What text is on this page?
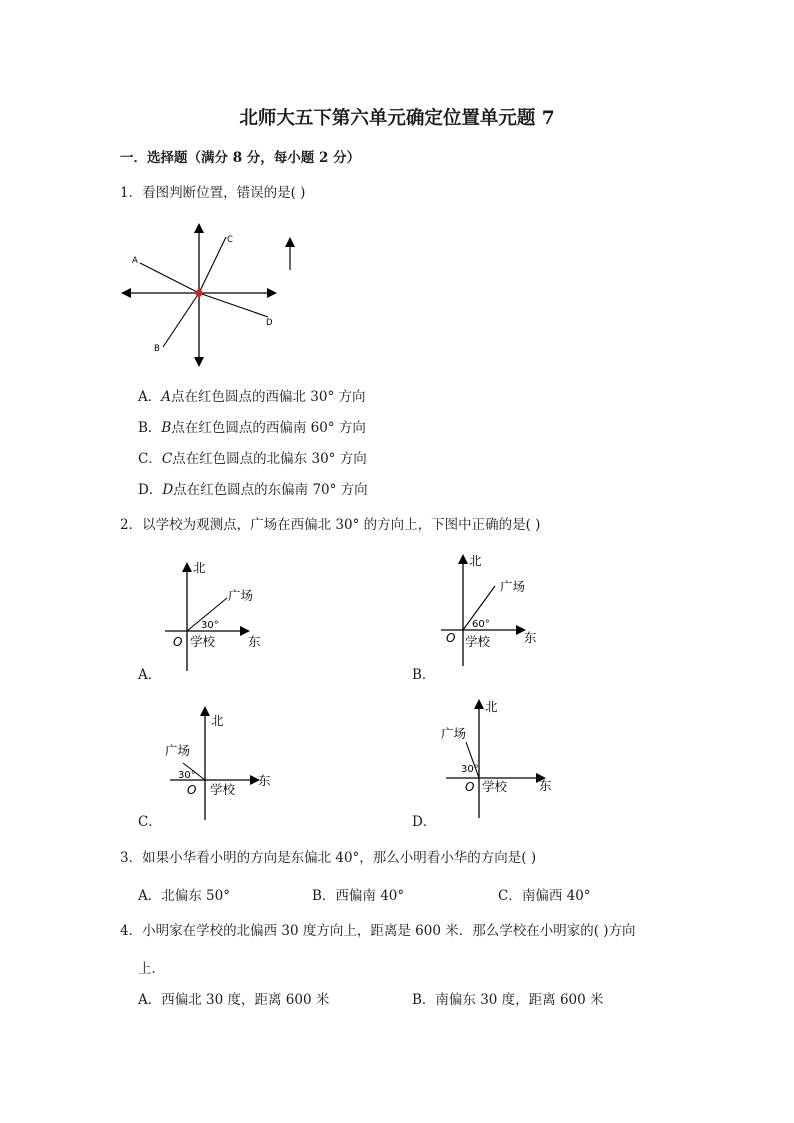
北师大五下第六单元确定位置单元题 7
一．选择题（满分 8 分，每小题 2 分）
1．看图判断位置，错误的是( )
A
C
B
D
A．A点在红色圆点的西偏北 30° 方向
B．B点在红色圆点的西偏南 60° 方向
C．C点在红色圆点的北偏东 30° 方向
D．D点在红色圆点的东偏南 70° 方向
2．以学校为观测点，广场在西偏北 30° 的方向上，下图中正确的是( )
北
东
广场
30°
O 学校
A．
北
东
广场
60°
O 学校
B．
北
东
广场
30°
O 学校
C．
北
东
广场
30°
O 学校
D．
3．如果小华看小明的方向是东偏北 40°，那么小明看小华的方向是( )
A．北偏东 50°	B．西偏南 40°	C．南偏西 40°
4．小明家在学校的北偏西 30 度方向上，距离是 600 米．那么学校在小明家的( )方向
上．
A．西偏北 30 度，距离 600 米	B．南偏东 30 度，距离 600 米
